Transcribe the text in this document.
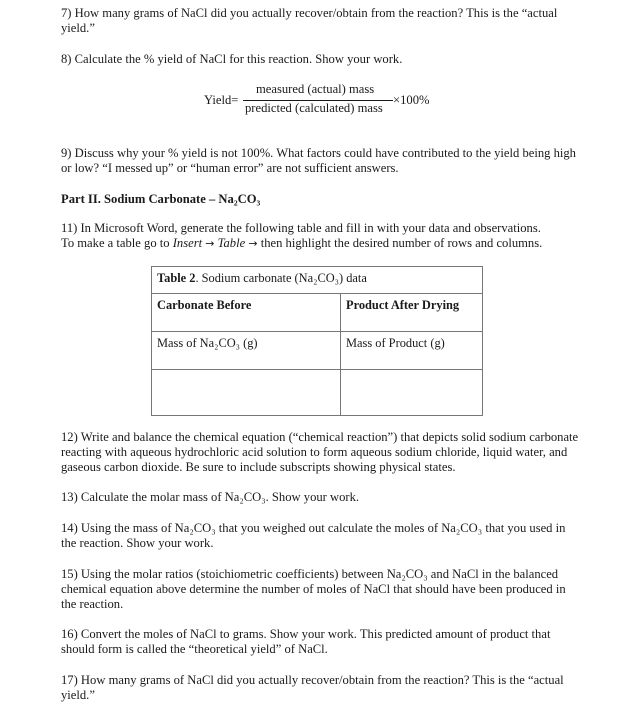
7) How many grams of NaCl did you actually recover/obtain from the reaction? This is the “actual yield.”
8) Calculate the % yield of NaCl for this reaction. Show your work.
Yield=
measured (actual) mass
predicted (calculated) mass
×100%
9) Discuss why your % yield is not 100%. What factors could have contributed to the yield being high or low? “I messed up” or “human error” are not sufficient answers.
Part II. Sodium Carbonate – Na₂CO₃
11) In Microsoft Word, generate the following table and fill in with your data and observations.
To make a table go to Insert → Table → then highlight the desired number of rows and columns.
Table 2. Sodium carbonate (Na₂CO₃) data	
Carbonate Before	Product After Drying
Mass of Na₂CO₃ (g)	Mass of Product (g)

12) Write and balance the chemical equation (“chemical reaction”) that depicts solid sodium carbonate reacting with aqueous hydrochloric acid solution to form aqueous sodium chloride, liquid water, and gaseous carbon dioxide. Be sure to include subscripts showing physical states.
13) Calculate the molar mass of Na₂CO₃. Show your work.
14) Using the mass of Na₂CO₃ that you weighed out calculate the moles of Na₂CO₃ that you used in the reaction. Show your work.
15) Using the molar ratios (stoichiometric coefficients) between Na₂CO₃ and NaCl in the balanced chemical equation above determine the number of moles of NaCl that should have been produced in the reaction.
16) Convert the moles of NaCl to grams. Show your work. This predicted amount of product that should form is called the “theoretical yield” of NaCl.
17) How many grams of NaCl did you actually recover/obtain from the reaction? This is the “actual yield.”
